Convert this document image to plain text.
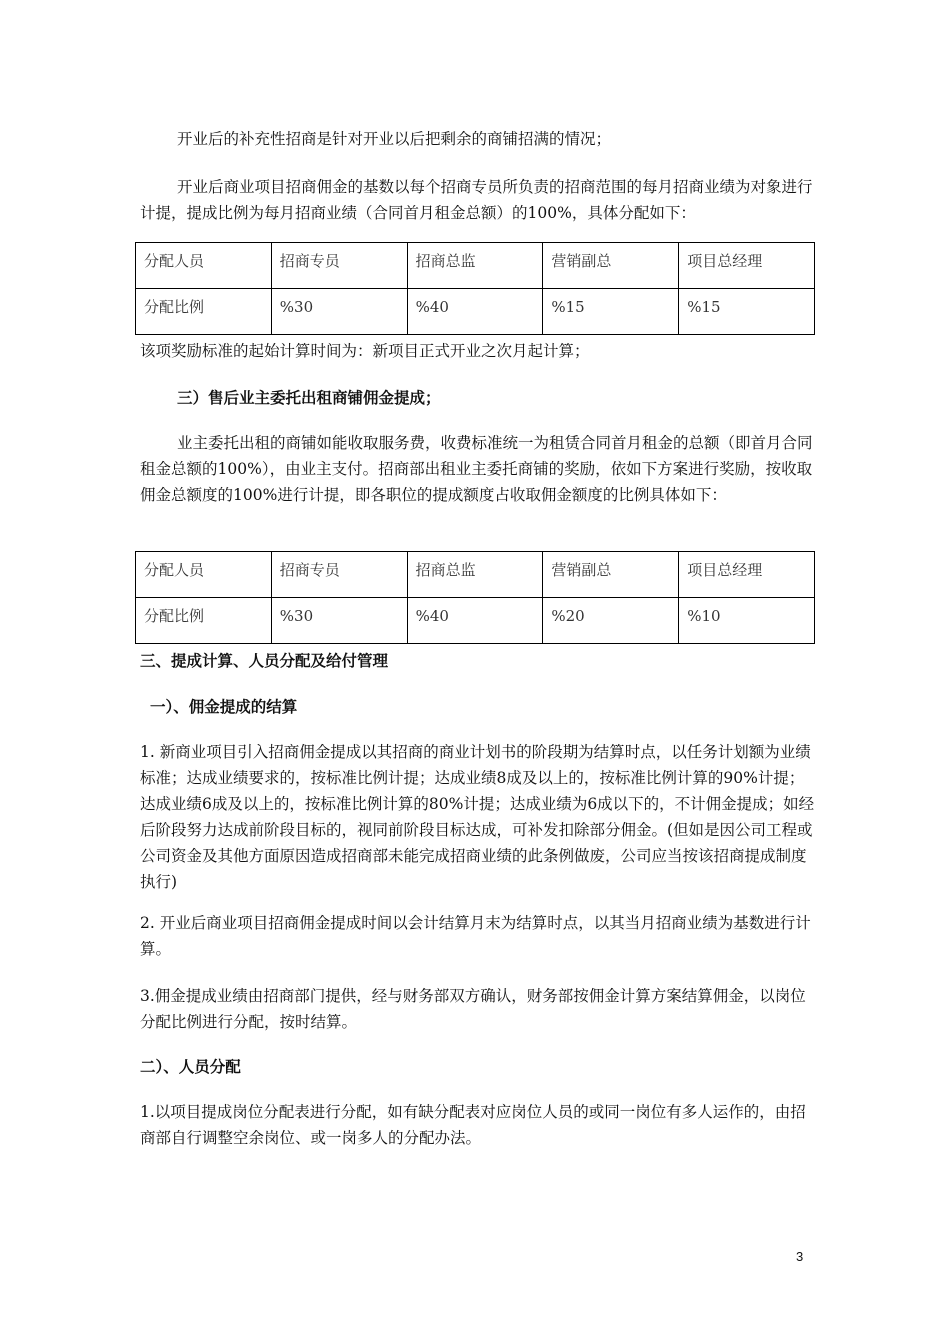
开业后的补充性招商是针对开业以后把剩余的商铺招满的情况；
开业后商业项目招商佣金的基数以每个招商专员所负责的招商范围的每月招商业绩为对象进行计提，提成比例为每月招商业绩（合同首月租金总额）的100%，具体分配如下：
分配人员	招商专员	招商总监	营销副总	项目总经理

分配比例	%30	%40	%15	%15
该项奖励标准的起始计算时间为：新项目正式开业之次月起计算；
三）售后业主委托出租商铺佣金提成；
业主委托出租的商铺如能收取服务费，收费标准统一为租赁合同首月租金的总额（即首月合同租金总额的100%），由业主支付。招商部出租业主委托商铺的奖励，依如下方案进行奖励，按收取佣金总额度的100%进行计提，即各职位的提成额度占收取佣金额度的比例具体如下：
分配人员	招商专员	招商总监	营销副总	项目总经理

分配比例	%30	%40	%20	%10
三、提成计算、人员分配及给付管理
一）、佣金提成的结算
1. 新商业项目引入招商佣金提成以其招商的商业计划书的阶段期为结算时点，以任务计划额为业绩标准；达成业绩要求的，按标准比例计提；达成业绩8成及以上的，按标准比例计算的90%计提；达成业绩6成及以上的，按标准比例计算的80%计提；达成业绩为6成以下的，不计佣金提成；如经后阶段努力达成前阶段目标的，视同前阶段目标达成，可补发扣除部分佣金。(但如是因公司工程或公司资金及其他方面原因造成招商部未能完成招商业绩的此条例做废，公司应当按该招商提成制度执行)
2. 开业后商业项目招商佣金提成时间以会计结算月末为结算时点，以其当月招商业绩为基数进行计算。
3.佣金提成业绩由招商部门提供，经与财务部双方确认，财务部按佣金计算方案结算佣金，以岗位分配比例进行分配，按时结算。
二）、人员分配
1.以项目提成岗位分配表进行分配，如有缺分配表对应岗位人员的或同一岗位有多人运作的，由招商部自行调整空余岗位、或一岗多人的分配办法。
3
